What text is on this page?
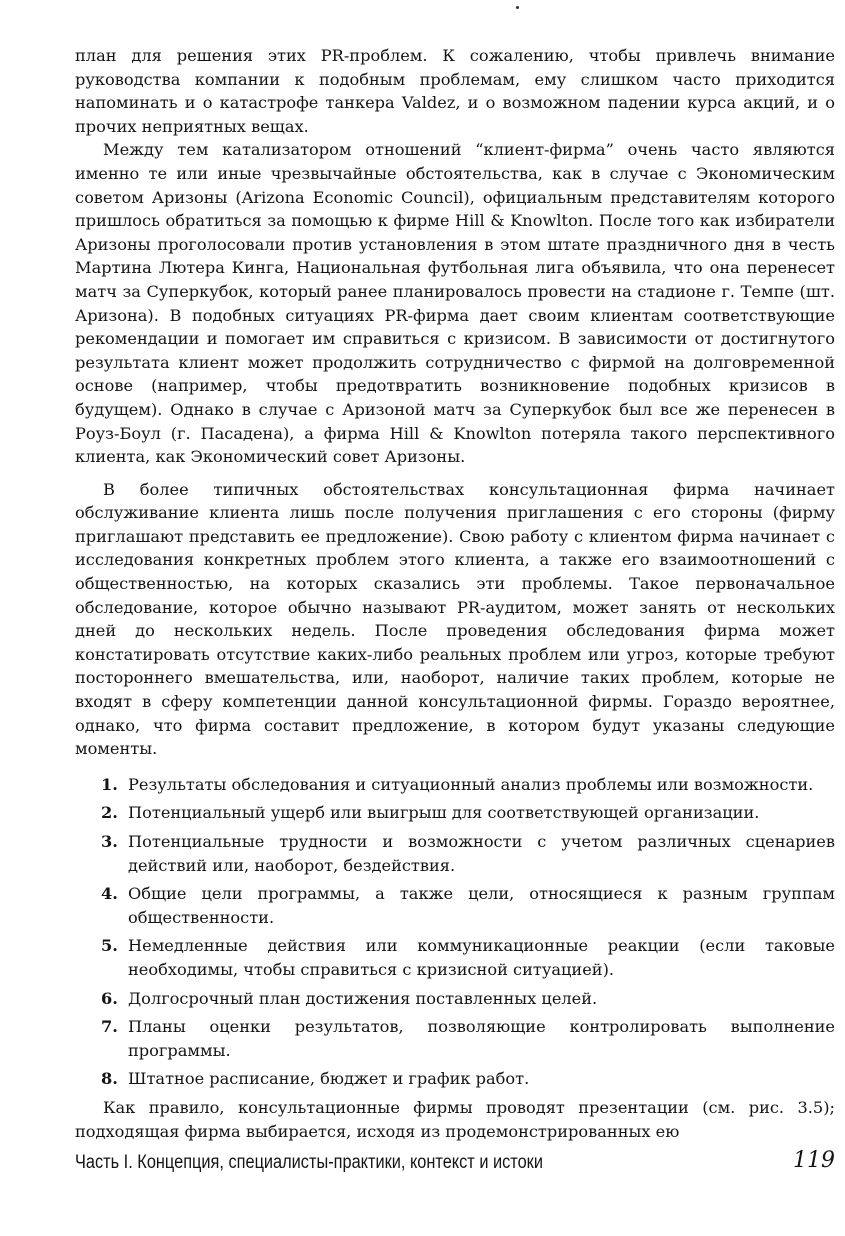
план для решения этих PR-проблем. К сожалению, чтобы привлечь внимание руководства компании к подобным проблемам, ему слишком часто приходится напоминать и о катастрофе танкера Valdez, и о возможном падении курса акций, и о прочих неприятных вещах.

Между тем катализатором отношений “клиент-фирма” очень часто являются именно те или иные чрезвычайные обстоятельства, как в случае с Экономическим советом Аризоны (Arizona Economic Council), официальным представителям которого пришлось обратиться за помощью к фирме Hill & Knowlton. После того как избиратели Аризоны проголосовали против установления в этом штате праздничного дня в честь Мартина Лютера Кинга, Национальная футбольная лига объявила, что она перенесет матч за Суперкубок, который ранее планировалось провести на стадионе г. Темпе (шт. Аризона). В подобных ситуациях PR-фирма дает своим клиентам соответствующие рекомендации и помогает им справиться с кризисом. В зависимости от достигнутого результата клиент может продолжить сотрудничество с фирмой на долговременной основе (например, чтобы предотвратить возникновение подобных кризисов в будущем). Однако в случае с Аризоной матч за Суперкубок был все же перенесен в Роуз-Боул (г. Пасадена), а фирма Hill & Knowlton потеряла такого перспективного клиента, как Экономический совет Аризоны.

В более типичных обстоятельствах консультационная фирма начинает обслуживание клиента лишь после получения приглашения с его стороны (фирму приглашают представить ее предложение). Свою работу с клиентом фирма начинает с исследования конкретных проблем этого клиента, а также его взаимоотношений с общественностью, на которых сказались эти проблемы. Такое первоначальное обследование, которое обычно называют PR-аудитом, может занять от нескольких дней до нескольких недель. После проведения обследования фирма может констатировать отсутствие каких-либо реальных проблем или угроз, которые требуют постороннего вмешательства, или, наоборот, наличие таких проблем, которые не входят в сферу компетенции данной консультационной фирмы. Гораздо вероятнее, однако, что фирма составит предложение, в котором будут указаны следующие моменты.

1. Результаты обследования и ситуационный анализ проблемы или возможности.
2. Потенциальный ущерб или выигрыш для соответствующей организации.
3. Потенциальные трудности и возможности с учетом различных сценариев действий или, наоборот, бездействия.
4. Общие цели программы, а также цели, относящиеся к разным группам общественности.
5. Немедленные действия или коммуникационные реакции (если таковые необходимы, чтобы справиться с кризисной ситуацией).
6. Долгосрочный план достижения поставленных целей.
7. Планы оценки результатов, позволяющие контролировать выполнение программы.
8. Штатное расписание, бюджет и график работ.

Как правило, консультационные фирмы проводят презентации (см. рис. 3.5); подходящая фирма выбирается, исходя из продемонстрированных ею

Часть I. Концепция, специалисты-практики, контекст и истоки	119
